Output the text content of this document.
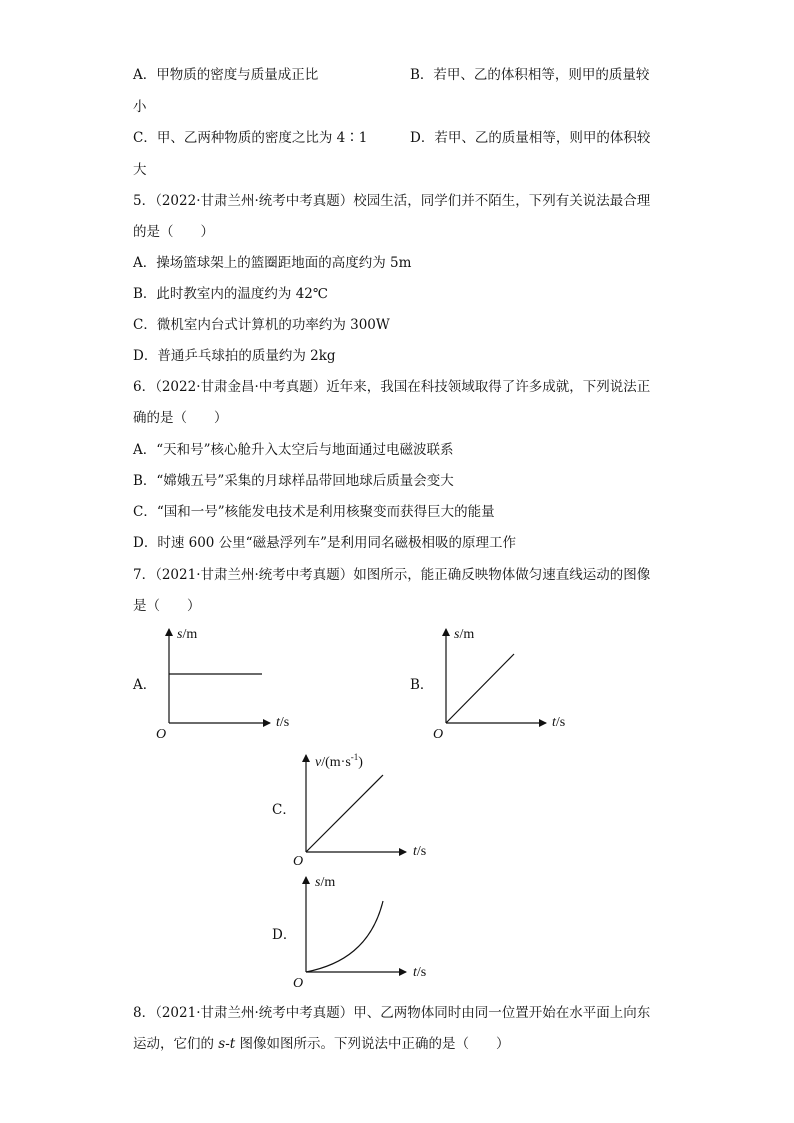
A．甲物质的密度与质量成正比	B．若甲、乙的体积相等，则甲的质量较
小
C．甲、乙两种物质的密度之比为 4∶1	D．若甲、乙的质量相等，则甲的体积较
大
5．（2022·甘肃兰州·统考中考真题）校园生活，同学们并不陌生，下列有关说法最合理
的是（　　）
A．操场篮球架上的篮圈距地面的高度约为 5m
B．此时教室内的温度约为 42℃
C．微机室内台式计算机的功率约为 300W
D．普通乒乓球拍的质量约为 2kg
6．（2022·甘肃金昌·中考真题）近年来，我国在科技领域取得了许多成就，下列说法正
确的是（　　）
A．“天和号”核心舱升入太空后与地面通过电磁波联系
B．“嫦娥五号”采集的月球样品带回地球后质量会变大
C．“国和一号”核能发电技术是利用核聚变而获得巨大的能量
D．时速 600 公里“磁悬浮列车”是利用同名磁极相吸的原理工作
7．（2021·甘肃兰州·统考中考真题）如图所示，能正确反映物体做匀速直线运动的图像
是（　　）
A．
s/m
t/s
O
B．
s/m
t/s
O
C．
$v/(m\cdot s^{-1})$
t/s
O
D．
s/m
t/s
O
8．（2021·甘肃兰州·统考中考真题）甲、乙两物体同时由同一位置开始在水平面上向东
运动，它们的 s-t 图像如图所示。下列说法中正确的是（　　）
